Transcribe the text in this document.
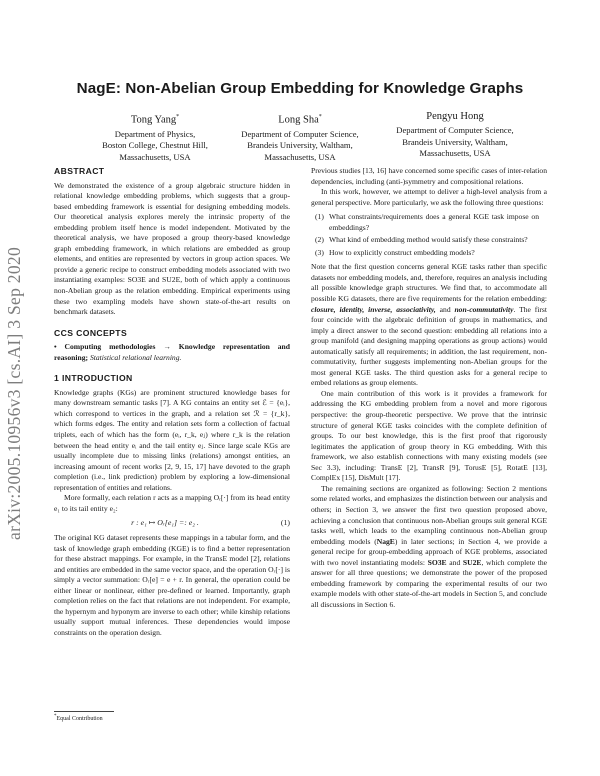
NagE: Non-Abelian Group Embedding for Knowledge Graphs
arXiv:2005.10956v3 [cs.AI] 3 Sep 2020
Tong Yang*
Department of Physics,
Boston College, Chestnut Hill,
Massachusetts, USA
Long Sha*
Department of Computer Science,
Brandeis University, Waltham,
Massachusetts, USA
Pengyu Hong
Department of Computer Science,
Brandeis University, Waltham,
Massachusetts, USA
ABSTRACT

We demonstrated the existence of a group algebraic structure hidden in relational knowledge embedding problems, which suggests that a group-based embedding framework is essential for designing embedding models. Our theoretical analysis explores merely the intrinsic property of the embedding problem itself hence is model independent. Motivated by the theoretical analysis, we have proposed a group theory-based knowledge graph embedding framework, in which relations are embedded as group elements, and entities are represented by vectors in group action spaces. We provide a generic recipe to construct embedding models associated with two instantiating examples: SO3E and SU2E, both of which apply a continuous non-Abelian group as the relation embedding. Empirical experiments using these two exampling models have shown state-of-the-art results on benchmark datasets.

CCS CONCEPTS

• Computing methodologies → Knowledge representation and reasoning; Statistical relational learning.

1 INTRODUCTION

Knowledge graphs (KGs) are prominent structured knowledge bases for many downstream semantic tasks [7]. A KG contains an entity set ℰ = {eᵢ}, which correspond to vertices in the graph, and a relation set ℛ = {r_k}, which forms edges. The entity and relation sets form a collection of factual triplets, each of which has the form (eᵢ, r_k, eⱼ) where r_k is the relation between the head entity eᵢ and the tail entity eⱼ. Since large scale KGs are usually incomplete due to missing links (relations) amongst entities, an increasing amount of recent works [2, 9, 15, 17] have devoted to the graph completion (i.e., link prediction) problem by exploring a low-dimensional representation of entities and relations.

More formally, each relation r acts as a mapping Oᵣ[·] from its head entity e₁ to its tail entity e₂:

r : e₁ ↦ Oᵣ[e₁] =: e₂ .	(1)

The original KG dataset represents these mappings in a tabular form, and the task of knowledge graph embedding (KGE) is to find a better representation for these abstract mappings. For example, in the TransE model [2], relations and entities are embedded in the same vector space, and the operation Oᵣ[·] is simply a vector summation: Oᵣ[e] = e + r. In general, the operation could be either linear or nonlinear, either pre-defined or learned. Importantly, graph completion relies on the fact that relations are not independent. For example, the hypernym and hyponym are inverse to each other; while kinship relations usually support mutual inferences. These dependencies would impose constraints on the operation design.

Previous studies [13, 16] have concerned some specific cases of inter-relation dependencies, including (anti-)symmetry and compositional relations.

In this work, however, we attempt to deliver a high-level analysis from a general perspective. More particularly, we ask the following three questions:

(1) What constraints/requirements does a general KGE task impose on embeddings?
(2) What kind of embedding method would satisfy these constraints?
(3) How to explicitly construct embedding models?

Note that the first question concerns general KGE tasks rather than specific datasets nor embedding models, and, therefore, requires an analysis including all possible knowledge graph structures. We find that, to accommodate all possible KG datasets, there are five requirements for the relation embedding: closure, identity, inverse, associativity, and non-commutativity. The first four coincide with the algebraic definition of groups in mathematics, and imply a direct answer to the second question: embedding all relations into a group manifold (and designing mapping operations as group actions) would automatically satisfy all requirements; in addition, the last requirement, non-commutativity, further suggests implementing non-Abelian groups for the most general KGE tasks. The third question asks for a general recipe to embed relations as group elements.

One main contribution of this work is it provides a framework for addressing the KG embedding problem from a novel and more rigorous perspective: the group-theoretic perspective. We prove that the intrinsic structure of general KGE tasks coincides with the complete definition of groups. To our best knowledge, this is the first proof that rigorously legitimates the application of group theory in KG embedding. With this framework, we also establish connections with many existing models (see Sec 3.3), including: TransE [2], TransR [9], TorusE [5], RotatE [13], ComplEx [15], DisMult [17].

The remaining sections are organized as following: Section 2 mentions some related works, and emphasizes the distinction between our analysis and others; in Section 3, we answer the first two question proposed above, achieving a conclusion that continuous non-Abelian groups suit general KGE tasks well, which leads to the exampling continuous non-Abelian group embedding models (NagE) in later sections; in Section 4, we provide a general recipe for group-embedding approach of KGE problems, associated with two novel instantiating models: SO3E and SU2E, which complete the answer for all three questions; we demonstrate the power of the proposed embedding framework by comparing the experimental results of our two example models with other state-of-the-art models in Section 5, and conclude all discussions in Section 6.

*Equal Contribution
